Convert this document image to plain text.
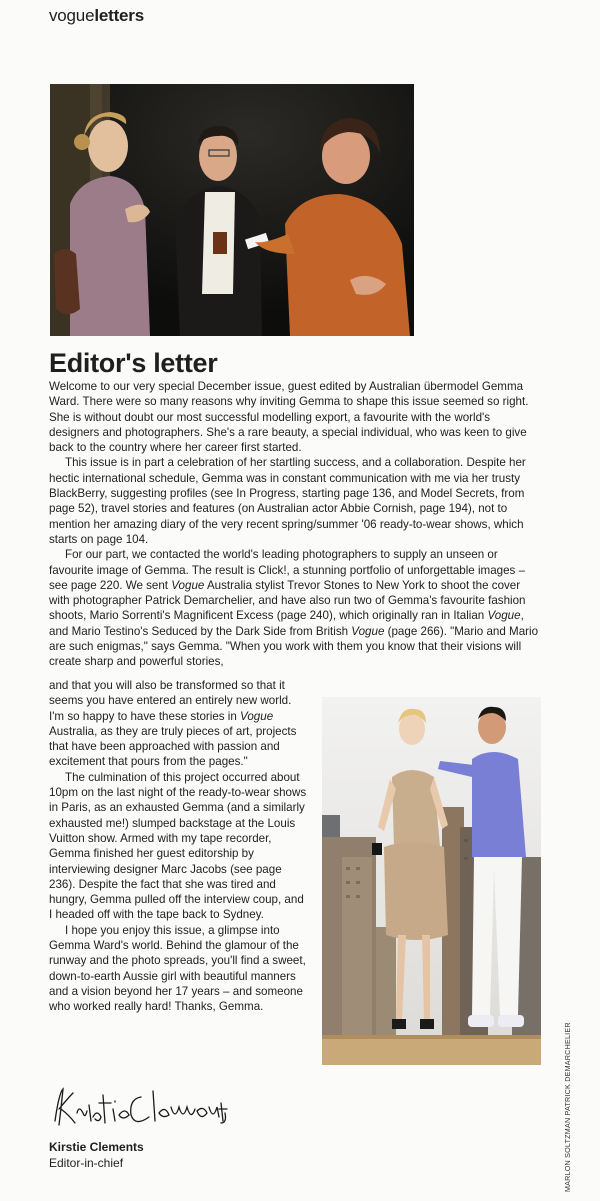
vogueletters
Editor's letter

Welcome to our very special December issue, guest edited by Australian übermodel Gemma Ward. There were so many reasons why inviting Gemma to shape this issue seemed so right. She is without doubt our most successful modelling export, a favourite with the world's designers and photographers. She's a rare beauty, a special individual, who was keen to give back to the country where her career first started.

This issue is in part a celebration of her startling success, and a collaboration. Despite her hectic international schedule, Gemma was in constant communication with me via her trusty BlackBerry, suggesting profiles (see In Progress, starting page 136, and Model Secrets, from page 52), travel stories and features (on Australian actor Abbie Cornish, page 194), not to mention her amazing diary of the very recent spring/summer '06 ready-to-wear shows, which starts on page 104.

For our part, we contacted the world's leading photographers to supply an unseen or favourite image of Gemma. The result is Click!, a stunning portfolio of unforgettable images – see page 220. We sent Vogue Australia stylist Trevor Stones to New York to shoot the cover with photographer Patrick Demarchelier, and have also run two of Gemma's favourite fashion shoots, Mario Sorrenti's Magnificent Excess (page 240), which originally ran in Italian Vogue, and Mario Testino's Seduced by the Dark Side from British Vogue (page 266). "Mario and Mario are such enigmas," says Gemma. "When you work with them you know that their visions will create sharp and powerful stories,

and that you will also be transformed so that it seems you have entered an entirely new world. I'm so happy to have these stories in Vogue Australia, as they are truly pieces of art, projects that have been approached with passion and excitement that pours from the pages."

The culmination of this project occurred about 10pm on the last night of the ready-to-wear shows in Paris, as an exhausted Gemma (and a similarly exhausted me!) slumped backstage at the Louis Vuitton show. Armed with my tape recorder, Gemma finished her guest editorship by interviewing designer Marc Jacobs (see page 236). Despite the fact that she was tired and hungry, Gemma pulled off the interview coup, and I headed off with the tape back to Sydney.

I hope you enjoy this issue, a glimpse into Gemma Ward's world. Behind the glamour of the runway and the photo spreads, you'll find a sweet, down-to-earth Aussie girl with beautiful manners and a vision beyond her 17 years – and someone who worked really hard! Thanks, Gemma.

Kirstie Clements
Editor-in-chief	MARLON SOLTZMAN PATRICK DEMARCHELIER
